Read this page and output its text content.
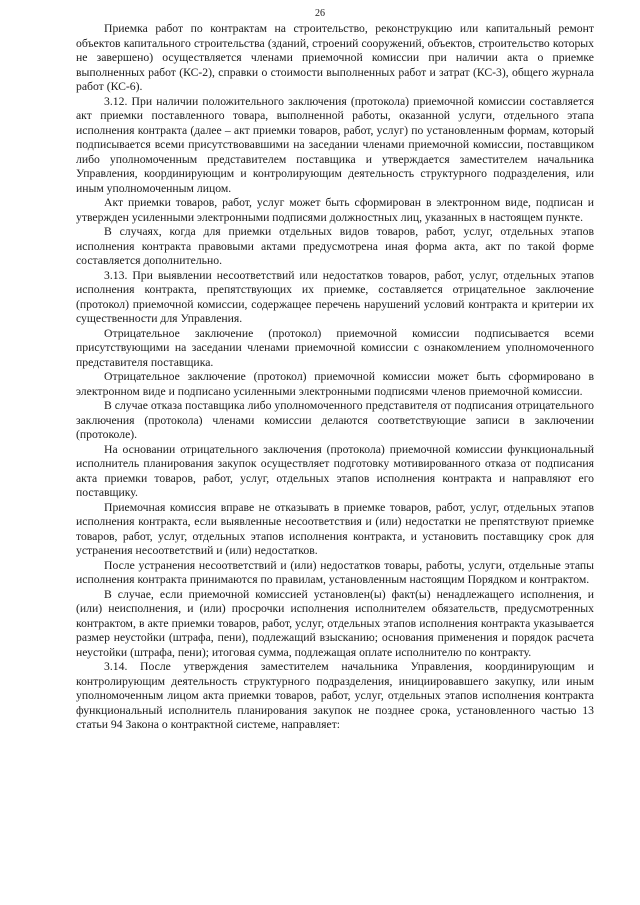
26

Приемка работ по контрактам на строительство, реконструкцию или капитальный ремонт объектов капитального строительства (зданий, строений сооружений, объектов, строительство которых не завершено) осуществляется членами приемочной комиссии при наличии акта о приемке выполненных работ (КС-2), справки о стоимости выполненных работ и затрат (КС-3), общего журнала работ (КС-6).

3.12. При наличии положительного заключения (протокола) приемочной комиссии составляется акт приемки поставленного товара, выполненной работы, оказанной услуги, отдельного этапа исполнения контракта (далее – акт приемки товаров, работ, услуг) по установленным формам, который подписывается всеми присутствовавшими на заседании членами приемочной комиссии, поставщиком либо уполномоченным представителем поставщика и утверждается заместителем начальника Управления, координирующим и контролирующим деятельность структурного подразделения, или иным уполномоченным лицом.

Акт приемки товаров, работ, услуг может быть сформирован в электронном виде, подписан и утвержден усиленными электронными подписями должностных лиц, указанных в настоящем пункте.

В случаях, когда для приемки отдельных видов товаров, работ, услуг, отдельных этапов исполнения контракта правовыми актами предусмотрена иная форма акта, акт по такой форме составляется дополнительно.

3.13. При выявлении несоответствий или недостатков товаров, работ, услуг, отдельных этапов исполнения контракта, препятствующих их приемке, составляется отрицательное заключение (протокол) приемочной комиссии, содержащее перечень нарушений условий контракта и критерии их существенности для Управления.

Отрицательное заключение (протокол) приемочной комиссии подписывается всеми присутствующими на заседании членами приемочной комиссии с ознакомлением уполномоченного представителя поставщика.

Отрицательное заключение (протокол) приемочной комиссии может быть сформировано в электронном виде и подписано усиленными электронными подписями членов приемочной комиссии.

В случае отказа поставщика либо уполномоченного представителя от подписания отрицательного заключения (протокола) членами комиссии делаются соответствующие записи в заключении (протоколе).

На основании отрицательного заключения (протокола) приемочной комиссии функциональный исполнитель планирования закупок осуществляет подготовку мотивированного отказа от подписания акта приемки товаров, работ, услуг, отдельных этапов исполнения контракта и направляют его поставщику.

Приемочная комиссия вправе не отказывать в приемке товаров, работ, услуг, отдельных этапов исполнения контракта, если выявленные несоответствия и (или) недостатки не препятствуют приемке товаров, работ, услуг, отдельных этапов исполнения контракта, и установить поставщику срок для устранения несоответствий и (или) недостатков.

После устранения несоответствий и (или) недостатков товары, работы, услуги, отдельные этапы исполнения контракта принимаются по правилам, установленным настоящим Порядком и контрактом.

В случае, если приемочной комиссией установлен(ы) факт(ы) ненадлежащего исполнения, и (или) неисполнения, и (или) просрочки исполнения исполнителем обязательств, предусмотренных контрактом, в акте приемки товаров, работ, услуг, отдельных этапов исполнения контракта указывается размер неустойки (штрафа, пени), подлежащий взысканию; основания применения и порядок расчета неустойки (штрафа, пени); итоговая сумма, подлежащая оплате исполнителю по контракту.

3.14. После утверждения заместителем начальника Управления, координирующим и контролирующим деятельность структурного подразделения, инициировавшего закупку, или иным уполномоченным лицом акта приемки товаров, работ, услуг, отдельных этапов исполнения контракта функциональный исполнитель планирования закупок не позднее срока, установленного частью 13 статьи 94 Закона о контрактной системе, направляет:
